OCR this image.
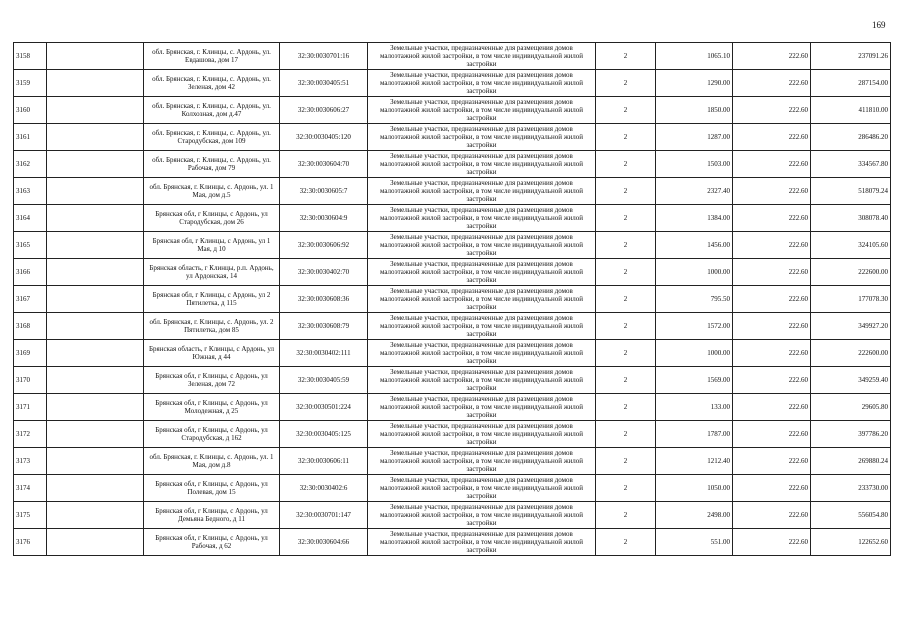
169
3158		обл. Брянская, г. Клинцы, с. Ардонь, ул. Евдашова, дом 17	32:30:0030701:16	Земельные участки, предназначенные для размещения домов малоэтажной жилой застройки, в том числе индивидуальной жилой застройки	2	1065.10	222.60	237091.26
3159		обл. Брянская, г. Клинцы, с. Ардонь, ул. Зеленая, дом 42	32:30:0030405:51	Земельные участки, предназначенные для размещения домов малоэтажной жилой застройки, в том числе индивидуальной жилой застройки	2	1290.00	222.60	287154.00
3160		обл. Брянская, г. Клинцы, с. Ардонь, ул. Колхозная, дом д.47	32:30:0030606:27	Земельные участки, предназначенные для размещения домов малоэтажной жилой застройки, в том числе индивидуальной жилой застройки	2	1850.00	222.60	411810.00
3161		обл. Брянская, г. Клинцы, с. Ардонь, ул. Стародубская, дом 109	32:30:0030405:120	Земельные участки, предназначенные для размещения домов малоэтажной жилой застройки, в том числе индивидуальной жилой застройки	2	1287.00	222.60	286486.20
3162		обл. Брянская, г. Клинцы, с. Ардонь, ул. Рабочая, дом 79	32:30:0030604:70	Земельные участки, предназначенные для размещения домов малоэтажной жилой застройки, в том числе индивидуальной жилой застройки	2	1503.00	222.60	334567.80
3163		обл. Брянская, г. Клинцы, с. Ардонь, ул. 1 Мая, дом д.5	32:30:0030605:7	Земельные участки, предназначенные для размещения домов малоэтажной жилой застройки, в том числе индивидуальной жилой застройки	2	2327.40	222.60	518079.24
3164		Брянская обл, г Клинцы, с Ардонь, ул Стародубская, дом 26	32:30:0030604:9	Земельные участки, предназначенные для размещения домов малоэтажной жилой застройки, в том числе индивидуальной жилой застройки	2	1384.00	222.60	308078.40
3165		Брянская обл, г Клинцы, с Ардонь, ул 1 Мая, д 10	32:30:0030606:92	Земельные участки, предназначенные для размещения домов малоэтажной жилой застройки, в том числе индивидуальной жилой застройки	2	1456.00	222.60	324105.60
3166		Брянская область, г Клинцы, р.п. Ардонь, ул Ардонская, 14	32:30:0030402:70	Земельные участки, предназначенные для размещения домов малоэтажной жилой застройки, в том числе индивидуальной жилой застройки	2	1000.00	222.60	222600.00
3167		Брянская обл, г Клинцы, с Ардонь, ул 2 Пятилетка, д 115	32:30:0030608:36	Земельные участки, предназначенные для размещения домов малоэтажной жилой застройки, в том числе индивидуальной жилой застройки	2	795.50	222.60	177078.30
3168		обл. Брянская, г. Клинцы, с. Ардонь, ул. 2 Пятилетка, дом 85	32:30:0030608:79	Земельные участки, предназначенные для размещения домов малоэтажной жилой застройки, в том числе индивидуальной жилой застройки	2	1572.00	222.60	349927.20
3169		Брянская область, г Клинцы, с Ардонь, ул Южная, д 44	32:30:0030402:111	Земельные участки, предназначенные для размещения домов малоэтажной жилой застройки, в том числе индивидуальной жилой застройки	2	1000.00	222.60	222600.00
3170		Брянская обл, г Клинцы, с Ардонь, ул Зеленая, дом 72	32:30:0030405:59	Земельные участки, предназначенные для размещения домов малоэтажной жилой застройки, в том числе индивидуальной жилой застройки	2	1569.00	222.60	349259.40
3171		Брянская обл, г Клинцы, с Ардонь, ул Молодежная, д 25	32:30:0030501:224	Земельные участки, предназначенные для размещения домов малоэтажной жилой застройки, в том числе индивидуальной жилой застройки	2	133.00	222.60	29605.80
3172		Брянская обл, г Клинцы, с Ардонь, ул Стародубская, д 162	32:30:0030405:125	Земельные участки, предназначенные для размещения домов малоэтажной жилой застройки, в том числе индивидуальной жилой застройки	2	1787.00	222.60	397786.20
3173		обл. Брянская, г. Клинцы, с. Ардонь, ул. 1 Мая, дом д.8	32:30:0030606:11	Земельные участки, предназначенные для размещения домов малоэтажной жилой застройки, в том числе индивидуальной жилой застройки	2	1212.40	222.60	269880.24
3174		Брянская обл, г Клинцы, с Ардонь, ул Полевая, дом 15	32:30:0030402:6	Земельные участки, предназначенные для размещения домов малоэтажной жилой застройки, в том числе индивидуальной жилой застройки	2	1050.00	222.60	233730.00
3175		Брянская обл, г Клинцы, с Ардонь, ул Демьяна Бедного, д 11	32:30:0030701:147	Земельные участки, предназначенные для размещения домов малоэтажной жилой застройки, в том числе индивидуальной жилой застройки	2	2498.00	222.60	556054.80
3176		Брянская обл, г Клинцы, с Ардонь, ул Рабочая, д 62	32:30:0030604:66	Земельные участки, предназначенные для размещения домов малоэтажной жилой застройки, в том числе индивидуальной жилой застройки	2	551.00	222.60	122652.60
